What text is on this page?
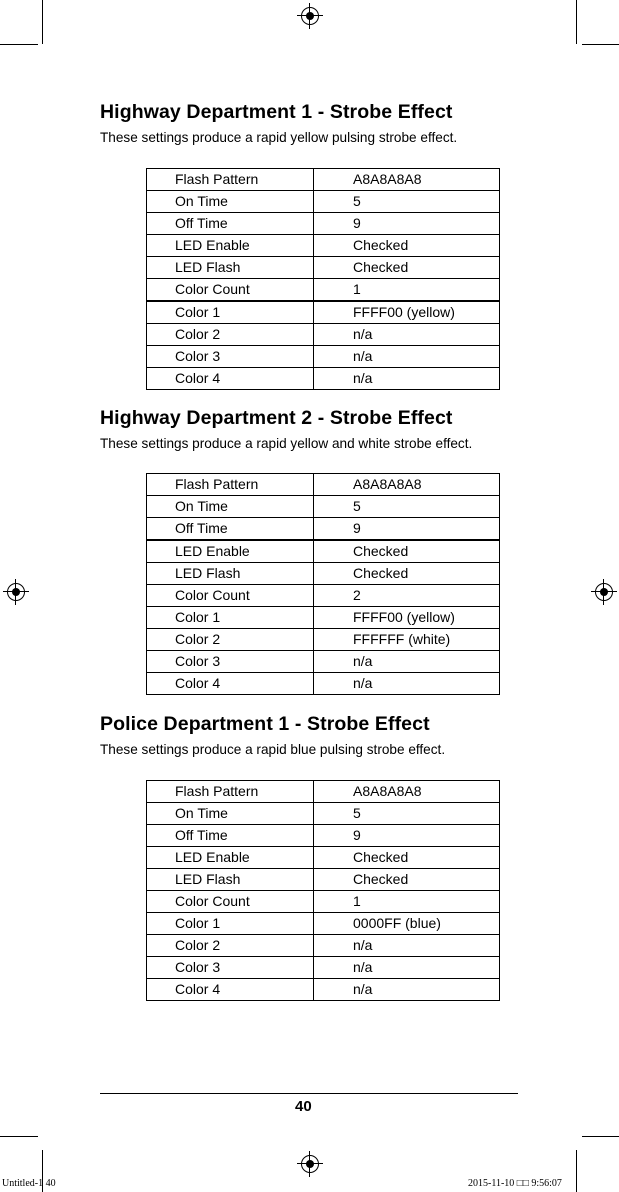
Highway Department 1 - Strobe Effect

These settings produce a rapid yellow pulsing strobe effect.

Flash Pattern	A8A8A8A8
On Time	5
Off Time	9
LED Enable	Checked
LED Flash	Checked
Color Count	1
Color 1	FFFF00 (yellow)
Color 2	n/a
Color 3	n/a
Color 4	n/a
Highway Department 2 - Strobe Effect

These settings produce a rapid yellow and white strobe effect.

Flash Pattern	A8A8A8A8
On Time	5
Off Time	9
LED Enable	Checked
LED Flash	Checked
Color Count	2
Color 1	FFFF00 (yellow)
Color 2	FFFFFF (white)
Color 3	n/a
Color 4	n/a
Police Department 1 - Strobe Effect

These settings produce a rapid blue pulsing strobe effect.

Flash Pattern	A8A8A8A8
On Time	5
Off Time	9
LED Enable	Checked
LED Flash	Checked
Color Count	1
Color 1	0000FF (blue)
Color 2	n/a
Color 3	n/a
Color 4	n/a
40
Untitled-1 40	2015-11-10 □□ 9:56:07
